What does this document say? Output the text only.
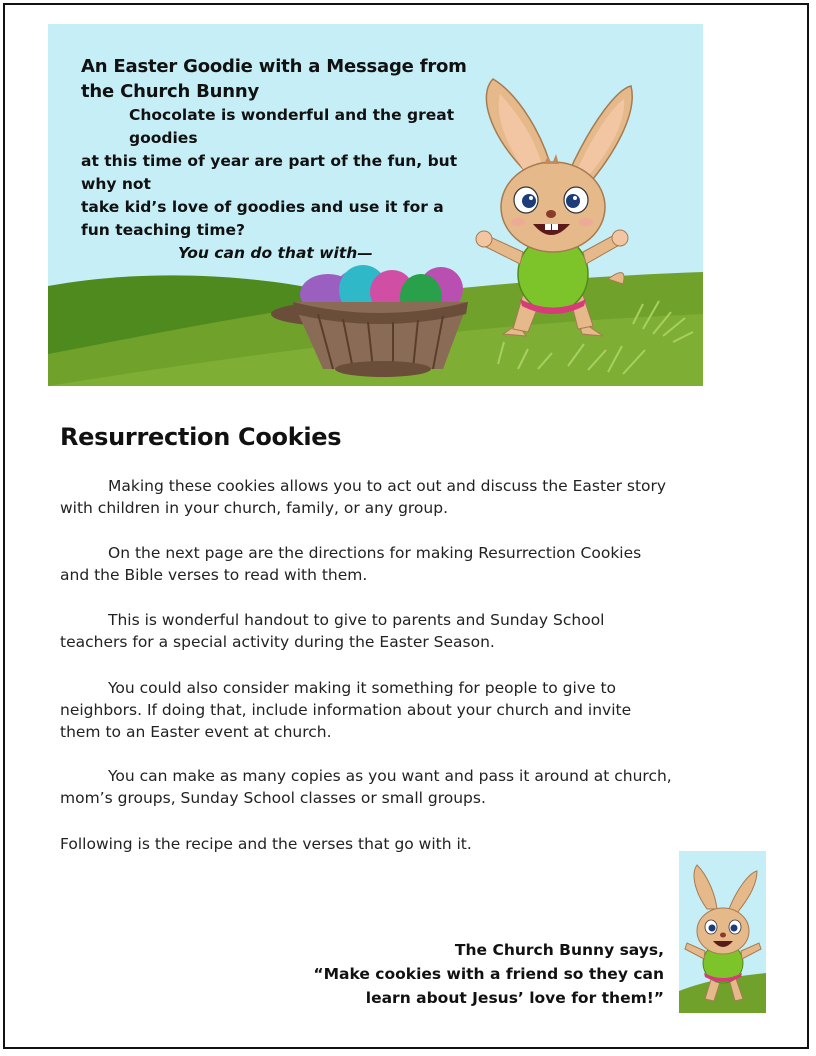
An Easter Goodie with a Message from
the Church Bunny

Chocolate is wonderful and the great goodies
at this time of year are part of the fun, but why not
take kid’s love of goodies and use it for a
fun teaching time?
You can do that with—

Resurrection Cookies

Making these cookies allows you to act out and discuss the Easter story with children in your church, family, or any group.

On the next page are the directions for making Resurrection Cookies and the Bible verses to read with them.

This is wonderful handout to give to parents and Sunday School teachers for a special activity during the Easter Season.

You could also consider making it something for people to give to neighbors. If doing that, include information about your church and invite them to an Easter event at church.

You can make as many copies as you want and pass it around at church, mom’s groups, Sunday School classes or small groups.

Following is the recipe and the verses that go with it.

The Church Bunny says,
“Make cookies with a friend so they can
learn about Jesus’ love for them!”
